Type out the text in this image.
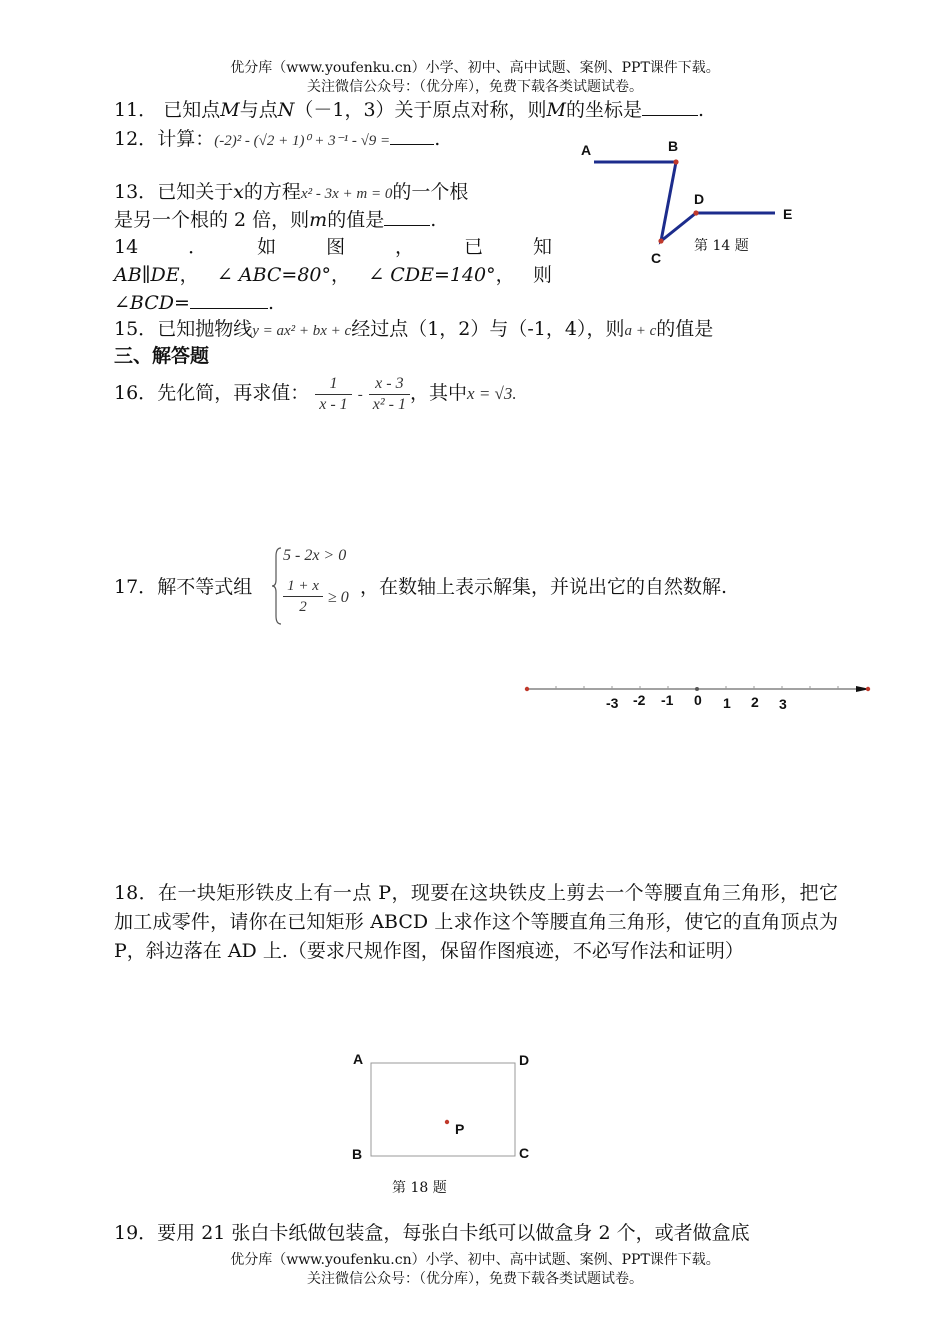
优分库（www.youfenku.cn）小学、初中、高中试题、案例、PPT课件下载。
关注微信公众号：（优分库），免费下载各类试题试卷。
11． 已知点M与点N（－1，3）关于原点对称，则M的坐标是	.
12．计算：(-2)² - (√2 + 1)⁰ + 3⁻¹ - √9 = .
13．已知关于x的方程x² - 3x + m = 0的一个根
是另一个根的 2 倍，则m的值是 .
14	．	如	图	，	已	知
AB∥DE， ∠ ABC=80°， ∠ CDE=140°， 则
∠BCD=	.
A	B
D
E
C
第 14 题
15．已知抛物线y = ax² + bx + c经过点（1，2）与（-1，4），则a + c的值是
三、解答题
16．先化简，再求值： $\frac{1}{x - 1} - \frac{x - 3}{\text{x² - 1}}$ ，其中x = √3.
17．解不等式组
5 - 2x > 0
$\frac{1 + x}{2} \ge 0$ ，在数轴上表示解集，并说出它的自然数解.
-3 -2 -1 0 1 2 3
18．在一块矩形铁皮上有一点 P，现要在这块铁皮上剪去一个等腰直角三角形，把它加工成零件，请你在已知矩形 ABCD 上求作这个等腰直角三角形，使它的直角顶点为 P，斜边落在 AD 上.（要求尺规作图，保留作图痕迹，不必写作法和证明）
A	D
P
B	C
第 18 题
19．要用 21 张白卡纸做包装盒，每张白卡纸可以做盒身 2 个，或者做盒底
优分库（www.youfenku.cn）小学、初中、高中试题、案例、PPT课件下载。
关注微信公众号：（优分库），免费下载各类试题试卷。
